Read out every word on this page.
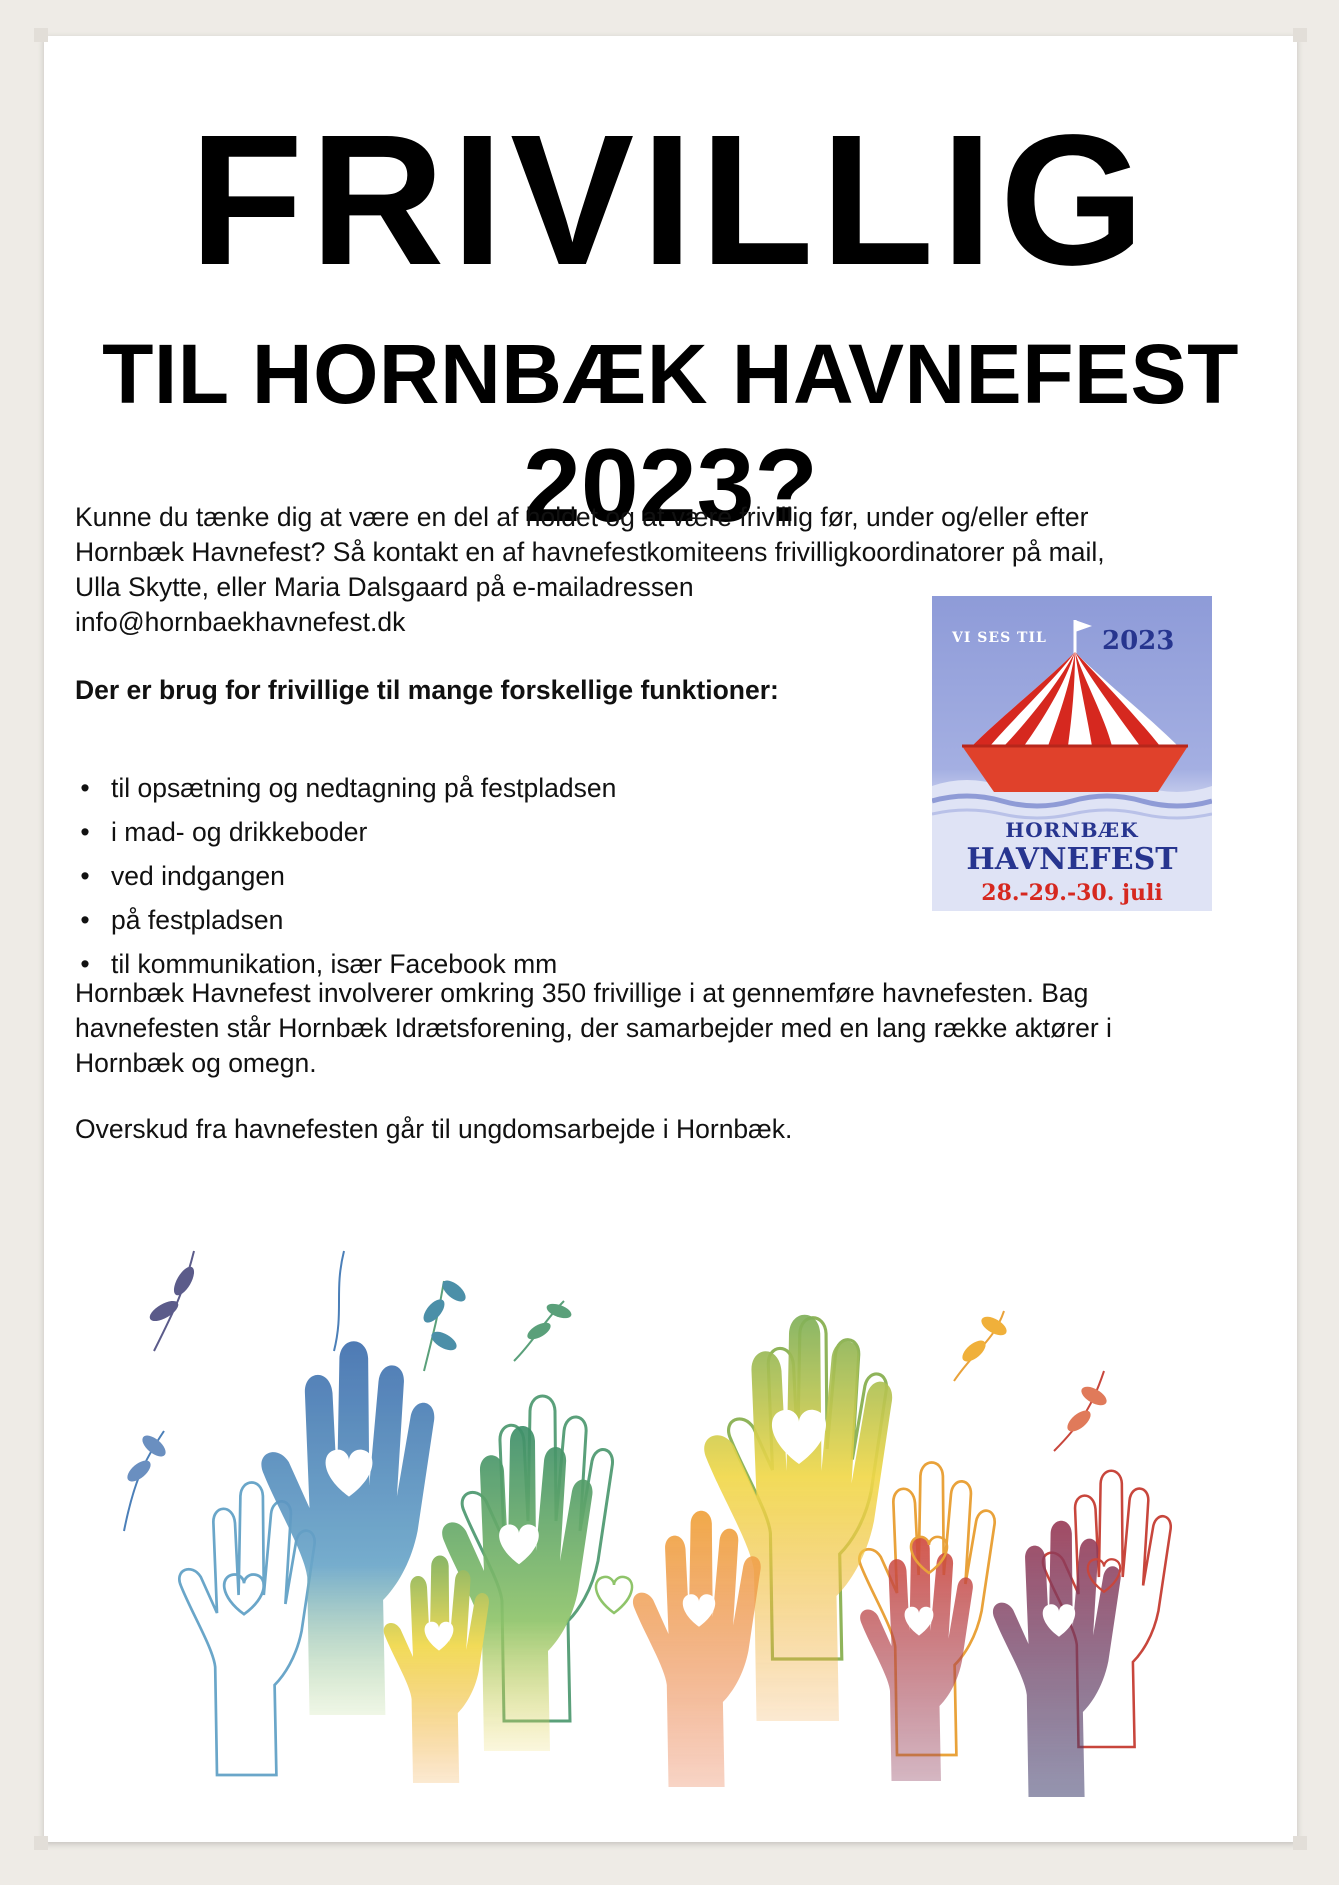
FRIVILLIG
TIL HORNBÆK HAVNEFEST
2023?

Kunne du tænke dig at være en del af holdet og at være frivillig før, under og/eller efter

Hornbæk Havnefest? Så kontakt en af havnefestkomiteens frivilligkoordinatorer på mail,

Ulla Skytte, eller Maria Dalsgaard på e-mailadressen

info@hornbaekhavnefest.dk

Der er brug for frivillige til mange forskellige funktioner:
• til opsætning og nedtagning på festpladsen
• i mad- og drikkeboder
• ved indgangen
• på festpladsen
• til kommunikation, især Facebook mm

Hornbæk Havnefest involverer omkring 350 frivillige i at gennemføre havnefesten. Bag

havnefesten står Hornbæk Idrætsforening, der samarbejder med en lang række aktører i

Hornbæk og omegn.

Overskud fra havnefesten går til ungdomsarbejde i Hornbæk.
VI SES TIL 2023
HORNBÆK
HAVNEFEST
28.-29.-30. juli
